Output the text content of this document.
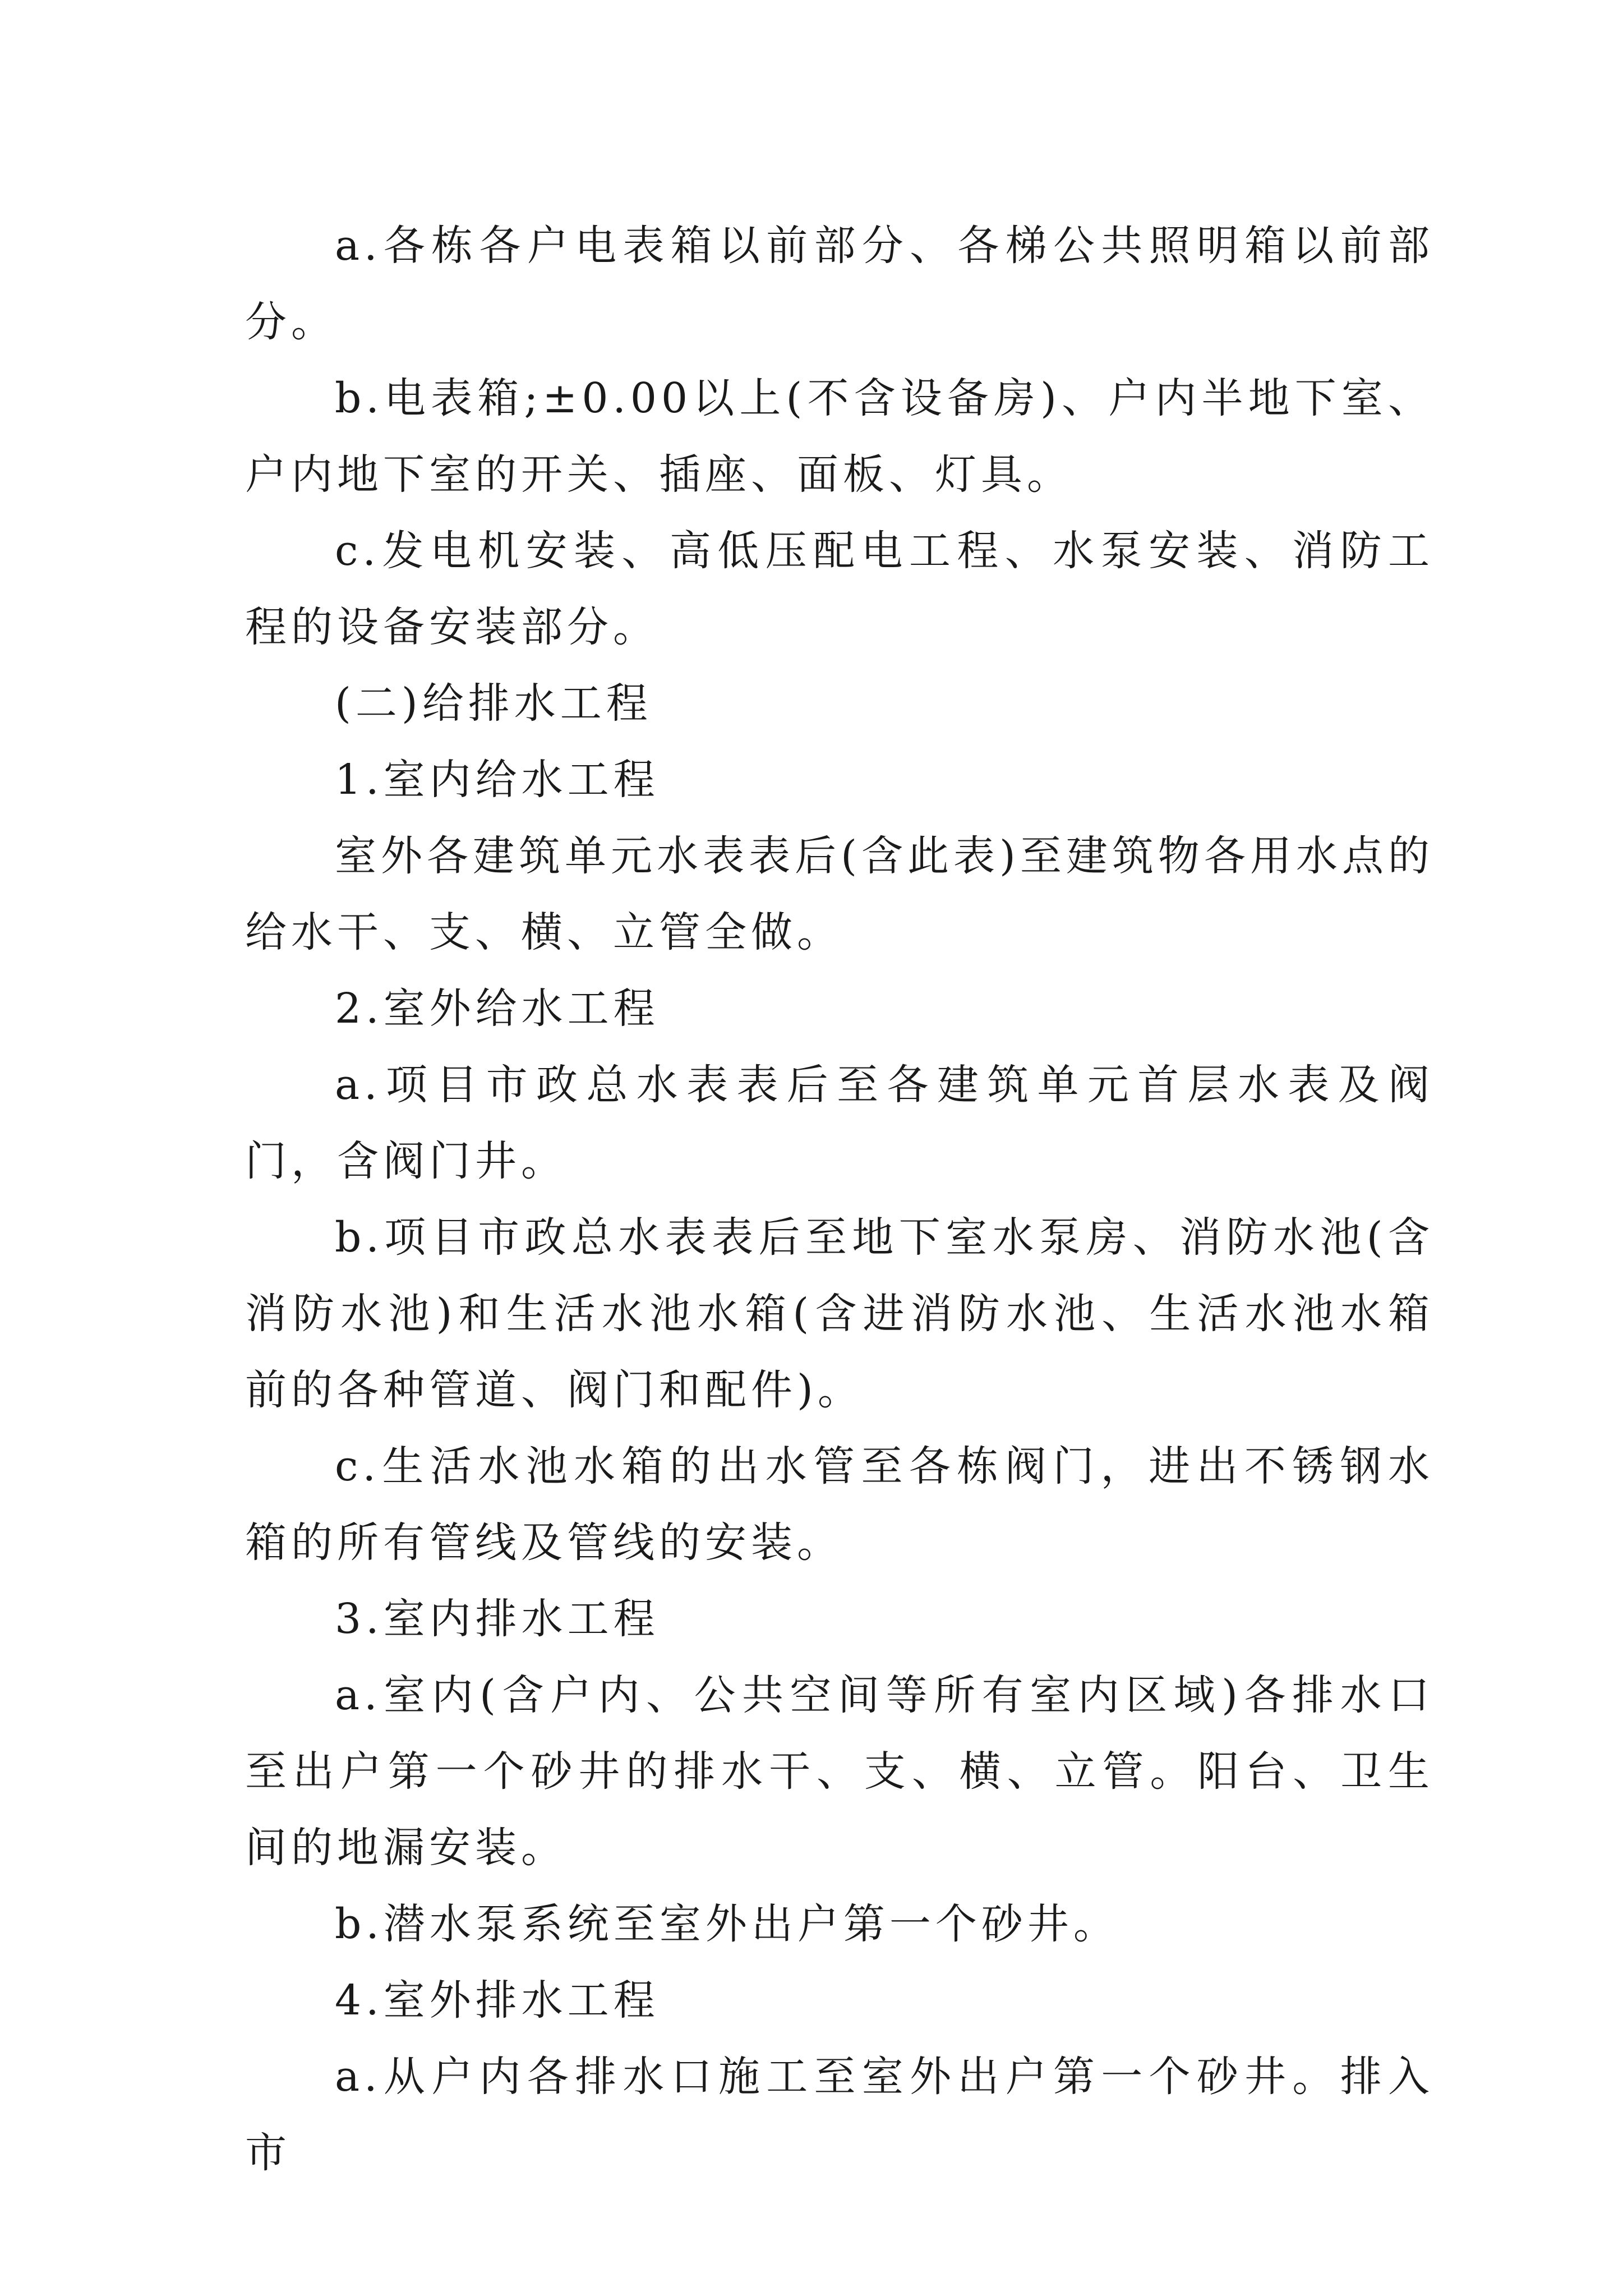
a.各栋各户电表箱以前部分、各梯公共照明箱以前部分。

b.电表箱;±0.00以上(不含设备房)、户内半地下室、户内地下室的开关、插座、面板、灯具。

c.发电机安装、高低压配电工程、水泵安装、消防工程的设备安装部分。

(二)给排水工程

1.室内给水工程

室外各建筑单元水表表后(含此表)至建筑物各用水点的给水干、支、横、立管全做。

2.室外给水工程

a.项目市政总水表表后至各建筑单元首层水表及阀门，含阀门井。

b.项目市政总水表表后至地下室水泵房、消防水池(含消防水池)和生活水池水箱(含进消防水池、生活水池水箱前的各种管道、阀门和配件)。

c.生活水池水箱的出水管至各栋阀门，进出不锈钢水箱的所有管线及管线的安装。

3.室内排水工程

a.室内(含户内、公共空间等所有室内区域)各排水口至出户第一个砂井的排水干、支、横、立管。阳台、卫生间的地漏安装。

b.潜水泵系统至室外出户第一个砂井。

4.室外排水工程

a.从户内各排水口施工至室外出户第一个砂井。排入市
